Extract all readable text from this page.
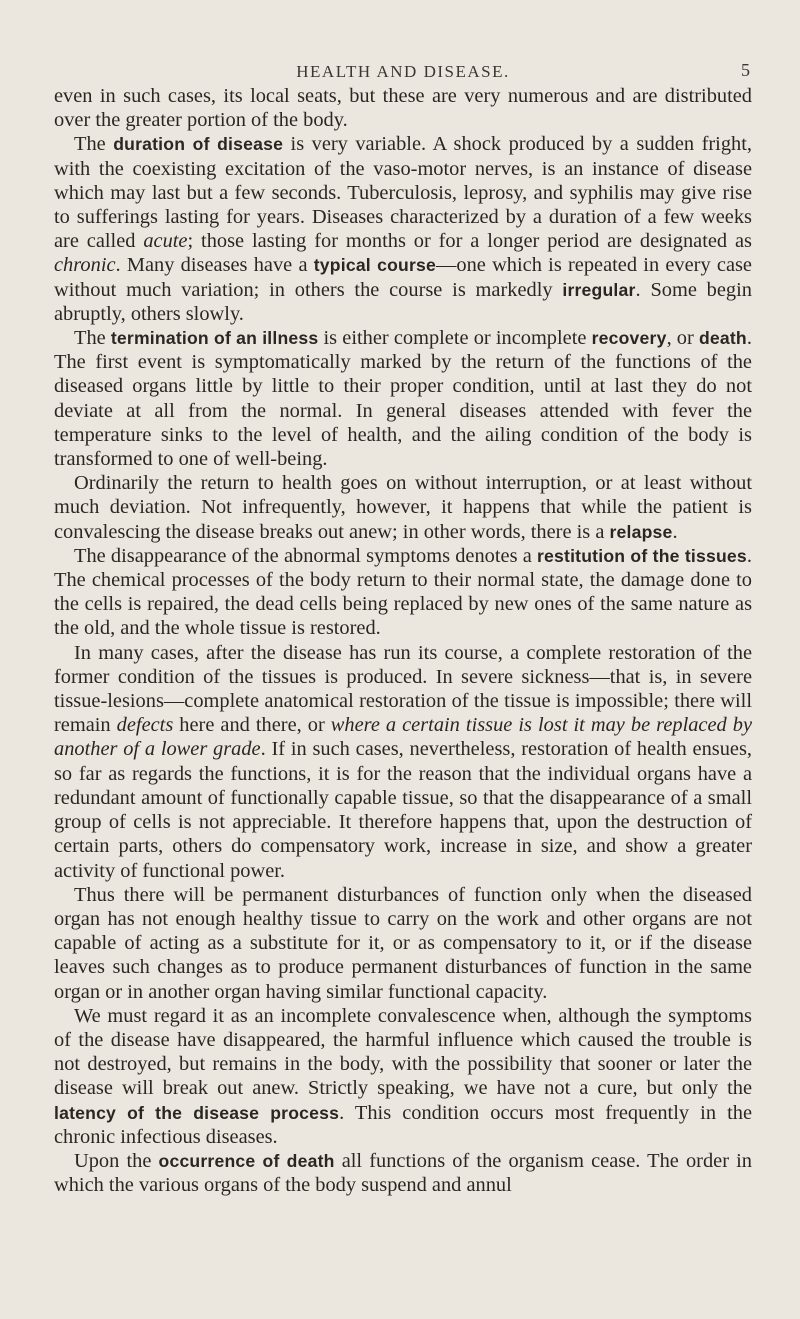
HEALTH AND DISEASE.	5

even in such cases, its local seats, but these are very numerous and are distributed over the greater portion of the body.

The duration of disease is very variable. A shock produced by a sudden fright, with the coexisting excitation of the vaso-motor nerves, is an instance of disease which may last but a few seconds. Tuberculosis, leprosy, and syphilis may give rise to sufferings lasting for years. Diseases characterized by a duration of a few weeks are called acute; those lasting for months or for a longer period are designated as chronic. Many diseases have a typical course—one which is repeated in every case without much variation; in others the course is markedly irregular. Some begin abruptly, others slowly.

The termination of an illness is either complete or incomplete recovery, or death. The first event is symptomatically marked by the return of the functions of the diseased organs little by little to their proper condition, until at last they do not deviate at all from the normal. In general diseases attended with fever the temperature sinks to the level of health, and the ailing condition of the body is transformed to one of well-being.

Ordinarily the return to health goes on without interruption, or at least without much deviation. Not infrequently, however, it happens that while the patient is convalescing the disease breaks out anew; in other words, there is a relapse.

The disappearance of the abnormal symptoms denotes a restitution of the tissues. The chemical processes of the body return to their normal state, the damage done to the cells is repaired, the dead cells being replaced by new ones of the same nature as the old, and the whole tissue is restored.

In many cases, after the disease has run its course, a complete restoration of the former condition of the tissues is produced. In severe sickness—that is, in severe tissue-lesions—complete anatomical restoration of the tissue is impossible; there will remain defects here and there, or where a certain tissue is lost it may be replaced by another of a lower grade. If in such cases, nevertheless, restoration of health ensues, so far as regards the functions, it is for the reason that the individual organs have a redundant amount of functionally capable tissue, so that the disappearance of a small group of cells is not appreciable. It therefore happens that, upon the destruction of certain parts, others do compensatory work, increase in size, and show a greater activity of functional power.

Thus there will be permanent disturbances of function only when the diseased organ has not enough healthy tissue to carry on the work and other organs are not capable of acting as a substitute for it, or as compensatory to it, or if the disease leaves such changes as to produce permanent disturbances of function in the same organ or in another organ having similar functional capacity.

We must regard it as an incomplete convalescence when, although the symptoms of the disease have disappeared, the harmful influence which caused the trouble is not destroyed, but remains in the body, with the possibility that sooner or later the disease will break out anew. Strictly speaking, we have not a cure, but only the latency of the disease process. This condition occurs most frequently in the chronic infectious diseases.

Upon the occurrence of death all functions of the organism cease. The order in which the various organs of the body suspend and annul
